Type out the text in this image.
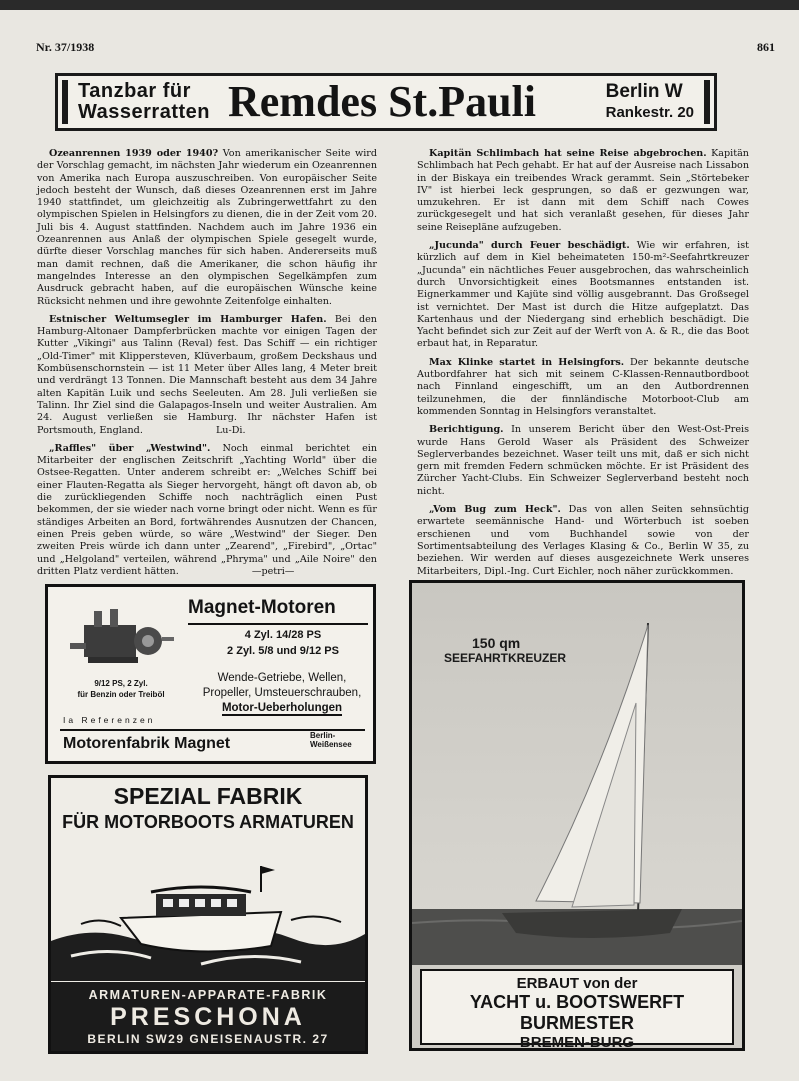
Nr. 37/1938	861
Tanzbar für
Wasserratten Remdes St.Pauli	Berlin W
Rankestr. 20

Ozeanrennen 1939 oder 1940? Von amerikanischer Seite wird der Vorschlag gemacht, im nächsten Jahr wiederum ein Ozeanrennen von Amerika nach Europa auszuschreiben. Von europäischer Seite jedoch besteht der Wunsch, daß dieses Ozeanrennen erst im Jahre 1940 stattfindet, um gleichzeitig als Zubringerwettfahrt zu den olympischen Spielen in Helsingfors zu dienen, die in der Zeit vom 20. Juli bis 4. August stattfinden. Nachdem auch im Jahre 1936 ein Ozeanrennen aus Anlaß der olympischen Spiele gesegelt wurde, dürfte dieser Vorschlag manches für sich haben. Andererseits muß man damit rechnen, daß die Amerikaner, die schon häufig ihr mangelndes Interesse an den olympischen Segelkämpfen zum Ausdruck gebracht haben, auf die europäischen Wünsche keine Rücksicht nehmen und ihre gewohnte Zeitenfolge einhalten.

Estnischer Weltumsegler im Hamburger Hafen. Bei den Hamburg-Altonaer Dampferbrücken machte vor einigen Tagen der Kutter „Vikingi" aus Talinn (Reval) fest. Das Schiff — ein richtiger „Old-Timer" mit Klippersteven, Klüverbaum, großem Deckshaus und Kombüsenschornstein — ist 11 Meter über Alles lang, 4 Meter breit und verdrängt 13 Tonnen. Die Mannschaft besteht aus dem 34 Jahre alten Kapitän Luik und sechs Seeleuten. Am 28. Juli verließen sie Talinn. Ihr Ziel sind die Galapagos-Inseln und weiter Australien. Am 24. August verließen sie Hamburg. Ihr nächster Hafen ist Portsmouth, England.	Lu-Di.

„Raffles" über „Westwind". Noch einmal berichtet ein Mitarbeiter der englischen Zeitschrift „Yachting World" über die Ostsee-Regatten. Unter anderem schreibt er: „Welches Schiff bei einer Flauten-Regatta als Sieger hervorgeht, hängt oft davon ab, ob die zurückliegenden Schiffe noch nachträglich einen Pust bekommen, der sie wieder nach vorne bringt oder nicht. Wenn es für ständiges Arbeiten an Bord, fortwährendes Ausnutzen der Chancen, einen Preis geben würde, so wäre „Westwind" der Sieger. Den zweiten Preis würde ich dann unter „Zearend", „Firebird", „Ortac" und „Helgoland" verteilen, während „Phryma" und „Aile Noire" den dritten Platz verdient hätten.	—petri—

Kapitän Schlimbach hat seine Reise abgebrochen. Kapitän Schlimbach hat Pech gehabt. Er hat auf der Ausreise nach Lissabon in der Biskaya ein treibendes Wrack gerammt. Sein „Störtebeker IV" ist hierbei leck gesprungen, so daß er gezwungen war, umzukehren. Er ist dann mit dem Schiff nach Cowes zurückgesegelt und hat sich veranlaßt gesehen, für dieses Jahr seine Reisepläne aufzugeben.

„Jucunda" durch Feuer beschädigt. Wie wir erfahren, ist kürzlich auf dem in Kiel beheimateten 150-m²-Seefahrtkreuzer „Jucunda" ein nächtliches Feuer ausgebrochen, das wahrscheinlich durch Unvorsichtigkeit eines Bootsmannes entstanden ist. Eignerkammer und Kajüte sind völlig ausgebrannt. Das Großsegel ist vernichtet. Der Mast ist durch die Hitze aufgeplatzt. Das Kartenhaus und der Niedergang sind erheblich beschädigt. Die Yacht befindet sich zur Zeit auf der Werft von A. & R., die das Boot erbaut hat, in Reparatur.

Max Klinke startet in Helsingfors. Der bekannte deutsche Autbordfahrer hat sich mit seinem C-Klassen-Rennautbordboot nach Finnland eingeschifft, um an den Autbordrennen teilzunehmen, die der finnländische Motorboot-Club am kommenden Sonntag in Helsingfors veranstaltet.

Berichtigung. In unserem Bericht über den West-Ost-Preis wurde Hans Gerold Waser als Präsident des Schweizer Seglerverbandes bezeichnet. Waser teilt uns mit, daß er sich nicht gern mit fremden Federn schmücken möchte. Er ist Präsident des Zürcher Yacht-Clubs. Ein Schweizer Seglerverband besteht noch nicht.

„Vom Bug zum Heck". Das von allen Seiten sehnsüchtig erwartete seemännische Hand- und Wörterbuch ist soeben erschienen und vom Buchhandel sowie von der Sortimentsabteilung des Verlages Klasing & Co., Berlin W 35, zu beziehen. Wir werden auf dieses ausgezeichnete Werk unseres Mitarbeiters, Dipl.-Ing. Curt Eichler, noch näher zurückkommen.

9/12 PS, 2 Zyl.
für Benzin oder Treiböl
Magnet-Motoren
4 Zyl. 14/28 PS
2 Zyl. 5/8 und 9/12 PS
Wende-Getriebe, Wellen,
Propeller, Umsteuerschrauben,
Motor-Ueberholungen
Ia Referenzen
Motorenfabrik Magnet	Berlin-
Weißensee
SPEZIAL FABRIK
FÜR MOTORBOOTS ARMATUREN
ARMATUREN-APPARATE-FABRIK
PRESCHONA
BERLIN SW29 GNEISENAUSTR. 27
150 qm
SEEFAHRTKREUZER
ERBAUT von der
YACHT u. BOOTSWERFT BURMESTER
BREMEN-BURG
